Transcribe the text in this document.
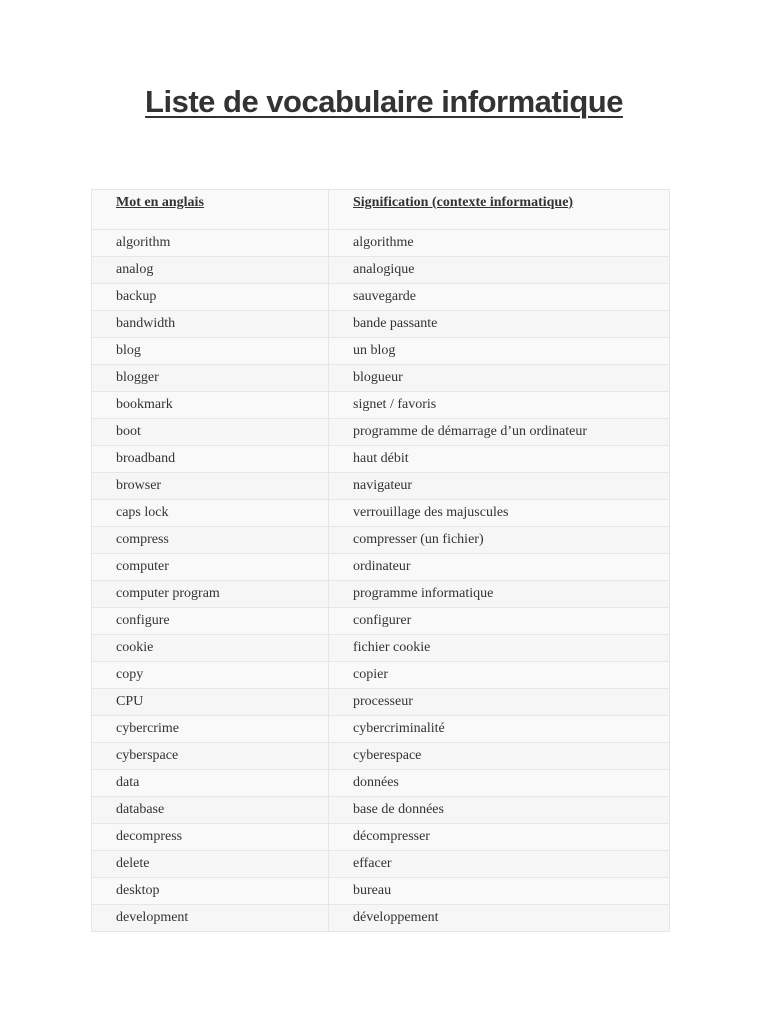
Liste de vocabulaire informatique
Mot en anglais	Signification (contexte informatique)
algorithm	algorithme
analog	analogique
backup	sauvegarde
bandwidth	bande passante
blog	un blog
blogger	blogueur
bookmark	signet / favoris
boot	programme de démarrage d’un ordinateur
broadband	haut débit
browser	navigateur
caps lock	verrouillage des majuscules
compress	compresser (un fichier)
computer	ordinateur
computer program	programme informatique
configure	configurer
cookie	fichier cookie
copy	copier
CPU	processeur
cybercrime	cybercriminalité
cyberspace	cyberespace
data	données
database	base de données
decompress	décompresser
delete	effacer
desktop	bureau
development	développement
